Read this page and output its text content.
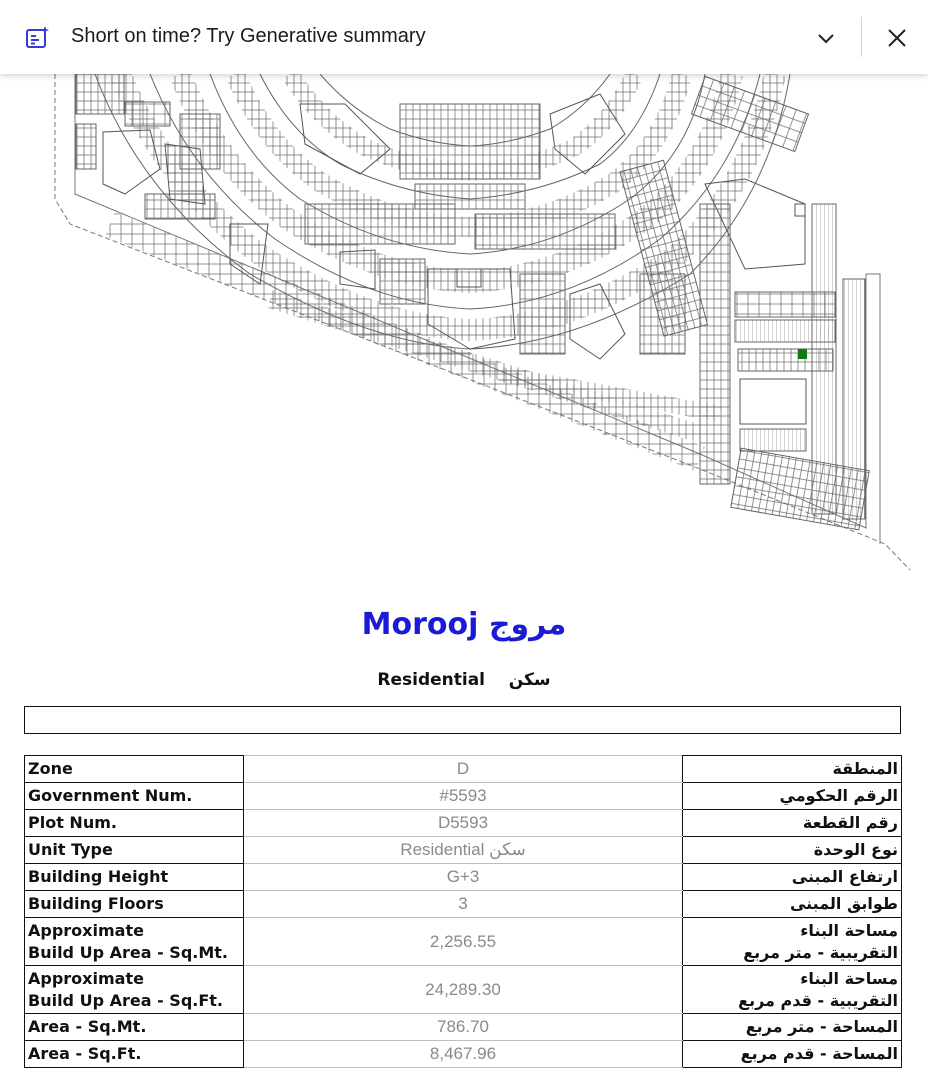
Short on time? Try Generative summary
Morooj مروج
Residential سكن
Zone	D	المنطقة

Government Num.	#5593	الرقم الحكومي

Plot Num.	D5593	رقم القطعة

Unit Type	Residential سكن	نوع الوحدة

Building Height	G+3	ارتفاع المبنى

Building Floors	3	طوابق المبنى

Approximate
Build Up Area - Sq.Mt.	2,256.55	مساحة البناء
التقريبية - متر مربع

Approximate
Build Up Area - Sq.Ft.	24,289.30	مساحة البناء
التقريبية - قدم مربع

Area - Sq.Mt.	786.70	المساحة - متر مربع

Area - Sq.Ft.	8,467.96	المساحة - قدم مربع
